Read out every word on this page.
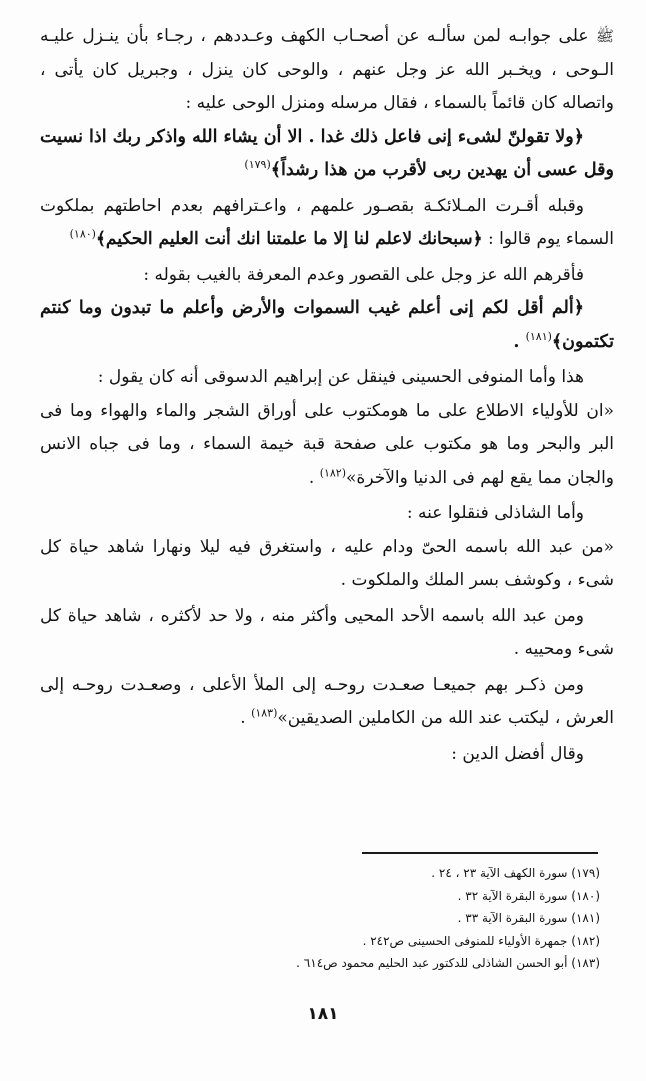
ﷺ على جوابـه لمن سألـه عن أصحـاب الكهف وعـددهم ، رجـاء بأن ينـزل عليـه الـوحى ، ويخـبر الله عز وجل عنهم ، والوحى كان ينزل ، وجبريل كان يأتى ، واتصاله كان قائماً بالسماء ، فقال مرسله ومنزل الوحى عليه :

﴿ولا تقولنّ لشىء إنى فاعل ذلك غدا . الا أن يشاء الله واذكر ربك اذا نسيت وقل عسى أن يهدين ربى لأقرب من هذا رشداً﴾$^{(١٧٩)}$

وقبله أقـرت المـلائكـة بقصـور علمهم ، واعـترافهم بعدم احاطتهم بملكوت السماء يوم قالوا : ﴿سبحانك لاعلم لنا إلا ما علمتنا انك أنت العليم الحكيم﴾$^{(١٨٠)}$

فأقرهم الله عز وجل على القصور وعدم المعرفة بالغيب بقوله :

﴿ألم أقل لكم إنى أعلم غيب السموات والأرض وأعلم ما تبدون وما كنتم تكتمون﴾$^{(١٨١)}$ .

هذا وأما المنوفى الحسينى فينقل عن إبراهيم الدسوقى أنه كان يقول :

«ان للأولياء الاطلاع على ما هومكتوب على أوراق الشجر والماء والهواء وما فى البر والبحر وما هو مكتوب على صفحة قبة خيمة السماء ، وما فى جباه الانس والجان مما يقع لهم فى الدنيا والآخرة»$^{(١٨٢)}$ .

وأما الشاذلى فنقلوا عنه :

«من عبد الله باسمه الحىّ ودام عليه ، واستغرق فيه ليلا ونهارا شاهد حياة كل شىء ، وكوشف بسر الملك والملكوت .

ومن عبد الله باسمه الأحد المحيى وأكثر منه ، ولا حد لأكثره ، شاهد حياة كل شىء ومحييه .

ومن ذكـر بهم جميعـا صعـدت روحـه إلى الملأ الأعلى ، وصعـدت روحـه إلى العرش ، ليكتب عند الله من الكاملين الصديقين»$^{(١٨٣)}$ .

وقال أفضل الدين :

(١٧٩) سورة الكهف الآية ٢٣ ، ٢٤ .

(١٨٠) سورة البقرة الآية ٣٢ .

(١٨١) سورة البقرة الآية ٣٣ .

(١٨٢) جمهرة الأولياء للمنوفى الحسينى ص٢٤٢ .

(١٨٣) أبو الحسن الشاذلى للدكتور عبد الحليم محمود ص٦١٤ .

١٨١
